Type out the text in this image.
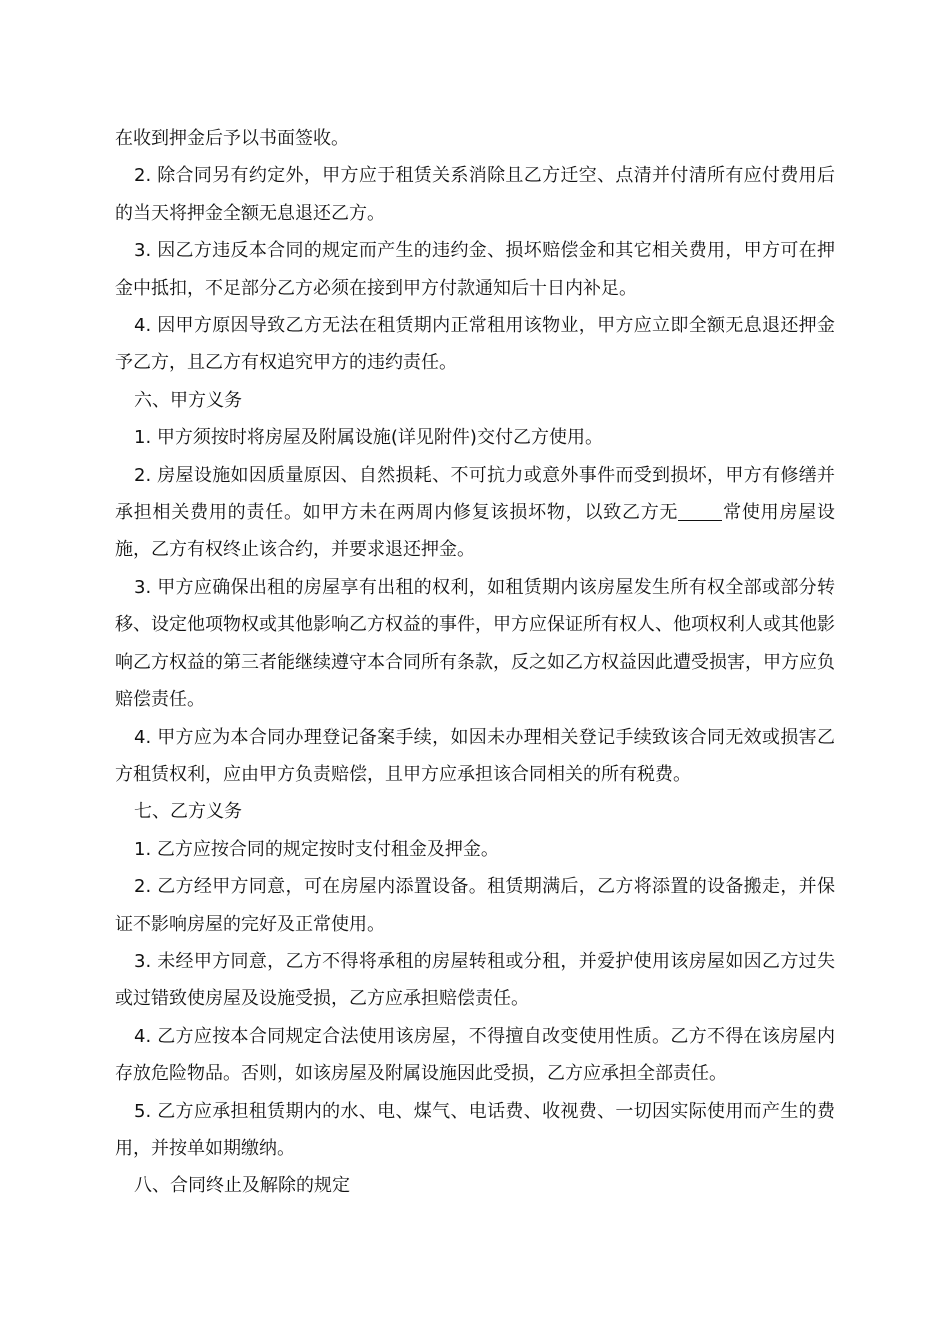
在收到押金后予以书面签收。

2. 除合同另有约定外，甲方应于租赁关系消除且乙方迁空、点清并付清所有应付费用后的当天将押金全额无息退还乙方。

3. 因乙方违反本合同的规定而产生的违约金、损坏赔偿金和其它相关费用，甲方可在押金中抵扣，不足部分乙方必须在接到甲方付款通知后十日内补足。

4. 因甲方原因导致乙方无法在租赁期内正常租用该物业，甲方应立即全额无息退还押金予乙方，且乙方有权追究甲方的违约责任。

六、甲方义务

1. 甲方须按时将房屋及附属设施(详见附件)交付乙方使用。

2. 房屋设施如因质量原因、自然损耗、不可抗力或意外事件而受到损坏，甲方有修缮并承担相关费用的责任。如甲方未在两周内修复该损坏物，以致乙方无 常使用房屋设施，乙方有权终止该合约，并要求退还押金。

3. 甲方应确保出租的房屋享有出租的权利，如租赁期内该房屋发生所有权全部或部分转移、设定他项物权或其他影响乙方权益的事件，甲方应保证所有权人、他项权利人或其他影响乙方权益的第三者能继续遵守本合同所有条款，反之如乙方权益因此遭受损害，甲方应负赔偿责任。

4. 甲方应为本合同办理登记备案手续，如因未办理相关登记手续致该合同无效或损害乙方租赁权利，应由甲方负责赔偿，且甲方应承担该合同相关的所有税费。

七、乙方义务

1. 乙方应按合同的规定按时支付租金及押金。

2. 乙方经甲方同意，可在房屋内添置设备。租赁期满后，乙方将添置的设备搬走，并保证不影响房屋的完好及正常使用。

3. 未经甲方同意，乙方不得将承租的房屋转租或分租，并爱护使用该房屋如因乙方过失或过错致使房屋及设施受损，乙方应承担赔偿责任。

4. 乙方应按本合同规定合法使用该房屋，不得擅自改变使用性质。乙方不得在该房屋内存放危险物品。否则，如该房屋及附属设施因此受损，乙方应承担全部责任。

5. 乙方应承担租赁期内的水、电、煤气、电话费、收视费、一切因实际使用而产生的费用，并按单如期缴纳。

八、合同终止及解除的规定
